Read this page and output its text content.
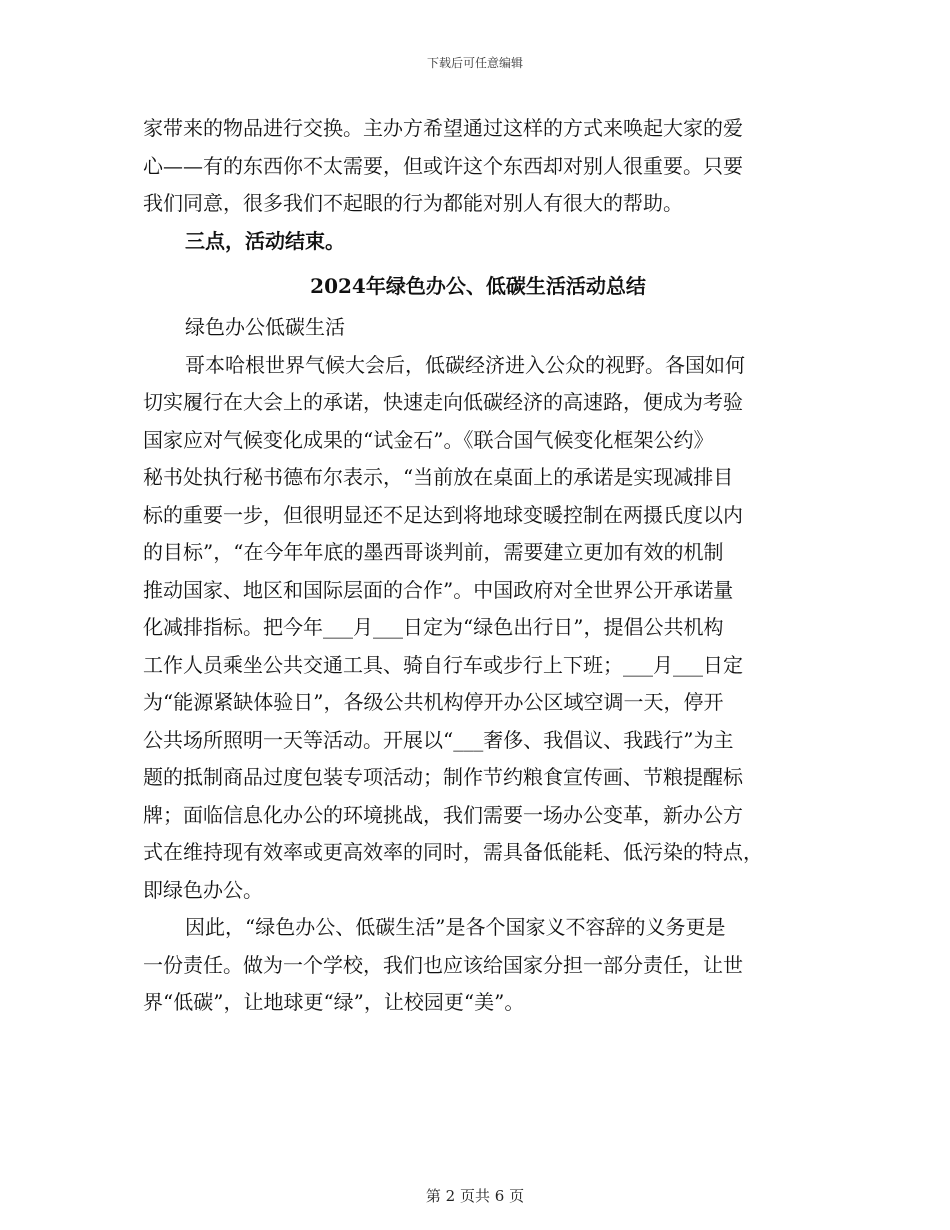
下载后可任意编辑
家带来的物品进行交换。主办方希望通过这样的方式来唤起大家的爱
心——有的东西你不太需要，但或许这个东西却对别人很重要。只要
我们同意，很多我们不起眼的行为都能对别人有很大的帮助。
三点，活动结束。
2024年绿色办公、低碳生活活动总结
绿色办公低碳生活
哥本哈根世界气候大会后，低碳经济进入公众的视野。各国如何
切实履行在大会上的承诺，快速走向低碳经济的高速路，便成为考验
国家应对气候变化成果的“试金石”。《联合国气候变化框架公约》
秘书处执行秘书德布尔表示，“当前放在桌面上的承诺是实现减排目
标的重要一步，但很明显还不足达到将地球变暖控制在两摄氏度以内
的目标”，“在今年年底的墨西哥谈判前，需要建立更加有效的机制
推动国家、地区和国际层面的合作”。中国政府对全世界公开承诺量
化减排指标。把今年___月___日定为“绿色出行日”，提倡公共机构
工作人员乘坐公共交通工具、骑自行车或步行上下班；___月___日定
为“能源紧缺体验日”，各级公共机构停开办公区域空调一天，停开
公共场所照明一天等活动。开展以“___奢侈、我倡议、我践行”为主
题的抵制商品过度包装专项活动；制作节约粮食宣传画、节粮提醒标
牌；面临信息化办公的环境挑战，我们需要一场办公变革，新办公方
式在维持现有效率或更高效率的同时，需具备低能耗、低污染的特点，
即绿色办公。
因此，“绿色办公、低碳生活”是各个国家义不容辞的义务更是
一份责任。做为一个学校，我们也应该给国家分担一部分责任，让世
界“低碳”，让地球更“绿”，让校园更“美”。
第 2 页共 6 页
